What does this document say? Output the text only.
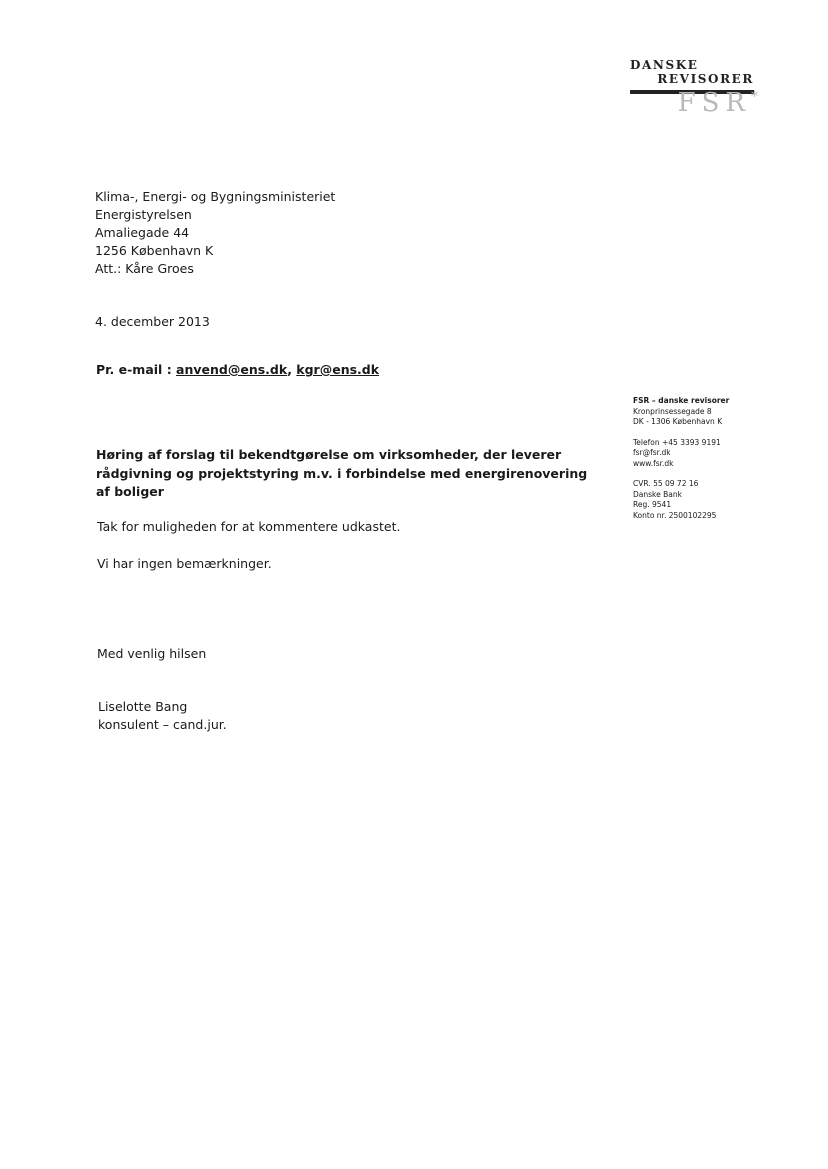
DANSKE
REVISORER
FSR*
Klima-, Energi- og Bygningsministeriet
Energistyrelsen
Amaliegade 44
1256 København K
Att.: Kåre Groes
4. december 2013
Pr. e-mail : anvend@ens.dk, kgr@ens.dk
FSR – danske revisorer
Kronprinsessegade 8
DK - 1306 København K
Telefon +45 3393 9191
fsr@fsr.dk
www.fsr.dk
CVR. 55 09 72 16
Danske Bank
Reg. 9541
Konto nr. 2500102295
Høring af forslag til bekendtgørelse om virksomheder, der leverer rådgivning og projektstyring m.v. i forbindelse med energirenovering af boliger
Tak for muligheden for at kommentere udkastet.
Vi har ingen bemærkninger.
Med venlig hilsen
Liselotte Bang
konsulent – cand.jur.
